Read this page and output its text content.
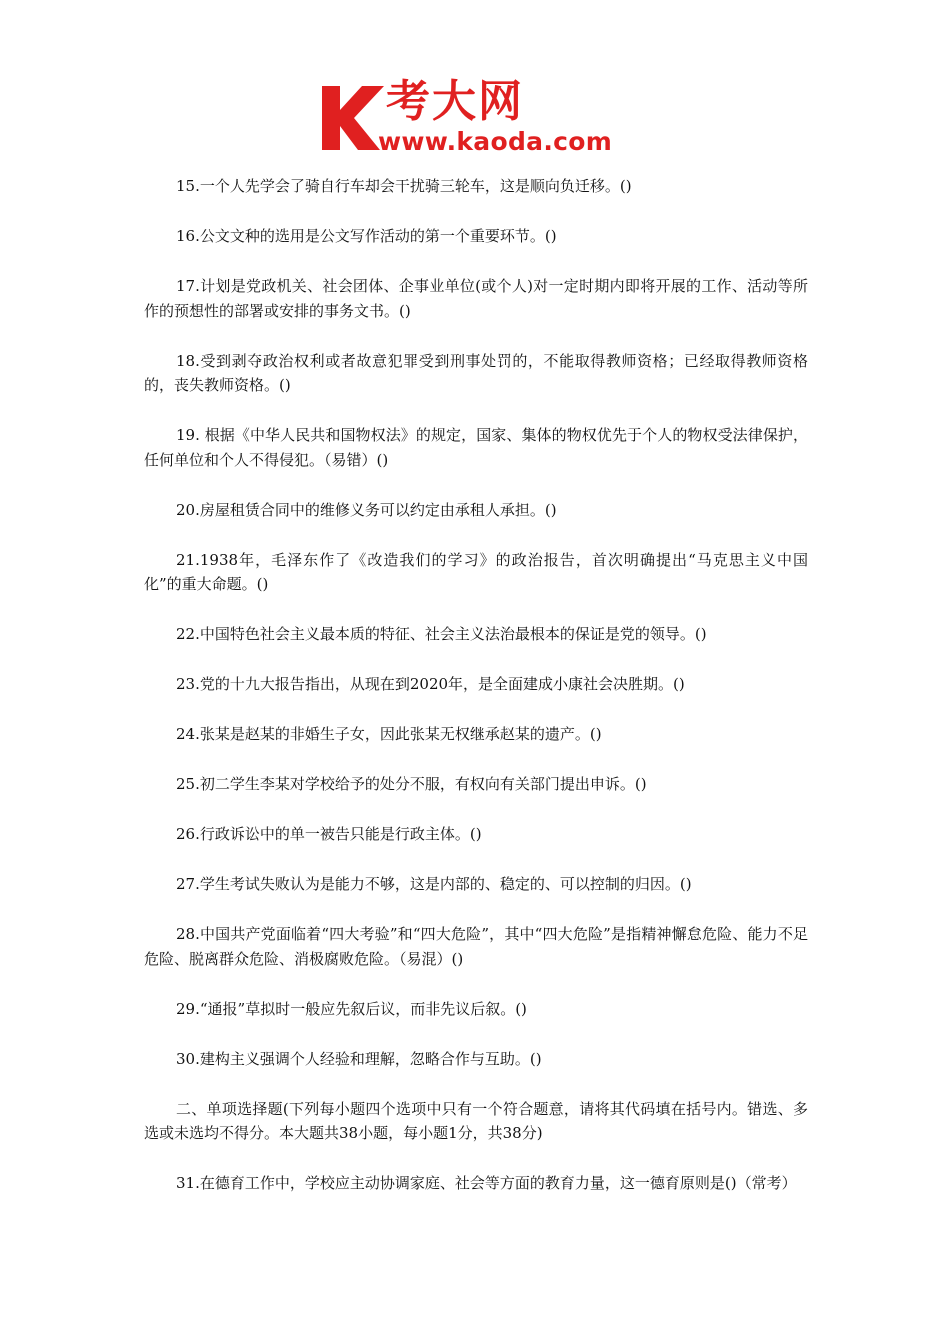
考大网
www.kaoda.com

15.一个人先学会了骑自行车却会干扰骑三轮车，这是顺向负迁移。()

16.公文文种的选用是公文写作活动的第一个重要环节。()

17.计划是党政机关、社会团体、企事业单位(或个人)对一定时期内即将开展的工作、活动等所作的预想性的部署或安排的事务文书。()

18.受到剥夺政治权利或者故意犯罪受到刑事处罚的，不能取得教师资格；已经取得教师资格的，丧失教师资格。()

19. 根据《中华人民共和国物权法》的规定，国家、集体的物权优先于个人的物权受法律保护，任何单位和个人不得侵犯。（易错）()

20.房屋租赁合同中的维修义务可以约定由承租人承担。()

21.1938年，毛泽东作了《改造我们的学习》的政治报告，首次明确提出“马克思主义中国化”的重大命题。()

22.中国特色社会主义最本质的特征、社会主义法治最根本的保证是党的领导。()

23.党的十九大报告指出，从现在到2020年，是全面建成小康社会决胜期。()

24.张某是赵某的非婚生子女，因此张某无权继承赵某的遗产。()

25.初二学生李某对学校给予的处分不服，有权向有关部门提出申诉。()

26.行政诉讼中的单一被告只能是行政主体。()

27.学生考试失败认为是能力不够，这是内部的、稳定的、可以控制的归因。()

28.中国共产党面临着“四大考验”和“四大危险”，其中“四大危险”是指精神懈怠危险、能力不足危险、脱离群众危险、消极腐败危险。（易混）()

29.“通报”草拟时一般应先叙后议，而非先议后叙。()

30.建构主义强调个人经验和理解，忽略合作与互助。()

二、单项选择题(下列每小题四个选项中只有一个符合题意，请将其代码填在括号内。错选、多选或未选均不得分。本大题共38小题，每小题1分，共38分)

31.在德育工作中，学校应主动协调家庭、社会等方面的教育力量，这一德育原则是()（常考）
